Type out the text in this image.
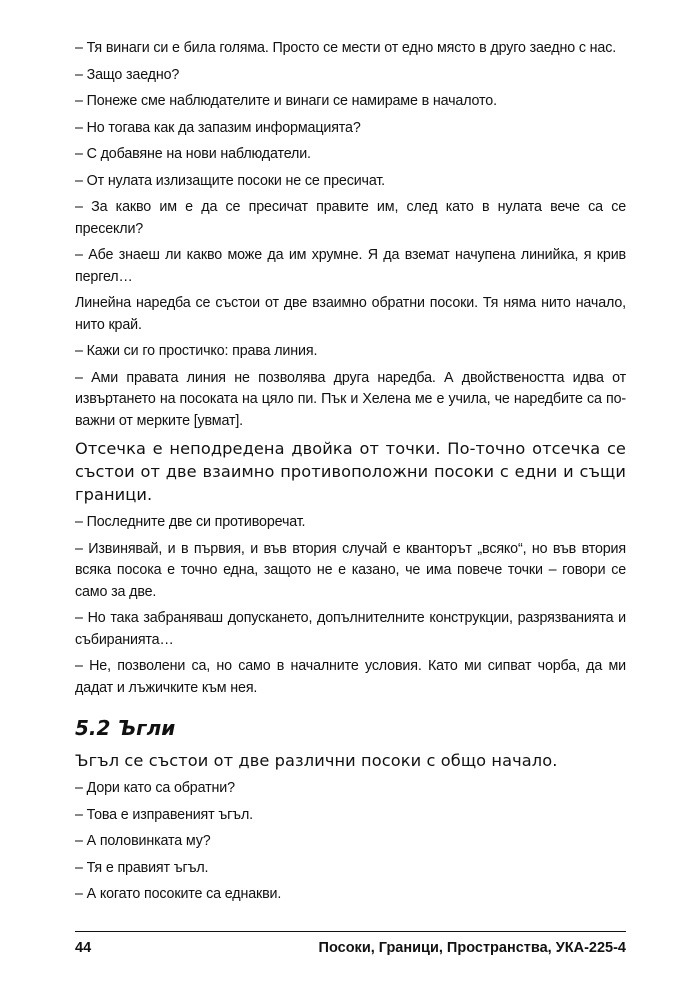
– Тя винаги си е била голяма. Просто се мести от едно място в друго заедно с нас.

– Защо заедно?

– Понеже сме наблюдателите и винаги се намираме в началото.

– Но тогава как да запазим информацията?

– С добавяне на нови наблюдатели.

– От нулата излизащите посоки не се пресичат.

– За какво им е да се пресичат правите им, след като в нулата вече са се пресекли?

– Абе знаеш ли какво може да им хрумне. Я да вземат начупена линийка, я крив пергел…

Линейна наредба се състои от две взаимно обратни посоки. Тя няма нито начало, нито край.

– Кажи си го простичко: права линия.

– Ами правата линия не позволява друга наредба. А двойствеността идва от извъртането на посоката на цяло пи. Пък и Хелена ме е учила, че наредбите са по-важни от мерките [увмат].

Отсечка е неподредена двойка от точки. По-точно отсечка се състои от две взаимно противоположни посоки с едни и същи граници.

– Последните две си противоречат.

– Извинявай, и в първия, и във втория случай е кванторът „всяко“, но във втория всяка посока е точно една, защото не е казано, че има повече точки – говори се само за две.

– Но така забраняваш допускането, допълнителните конструкции, разрязванията и събиранията…

– Не, позволени са, но само в началните условия. Като ми сипват чорба, да ми дадат и лъжичките към нея.

5.2 Ъгли

Ъгъл се състои от две различни посоки с общо начало.

– Дори като са обратни?

– Това е изправеният ъгъл.

– А половинката му?

– Тя е правият ъгъл.

– А когато посоките са еднакви.

44	Посоки, Граници, Пространства, УКА-225-4
